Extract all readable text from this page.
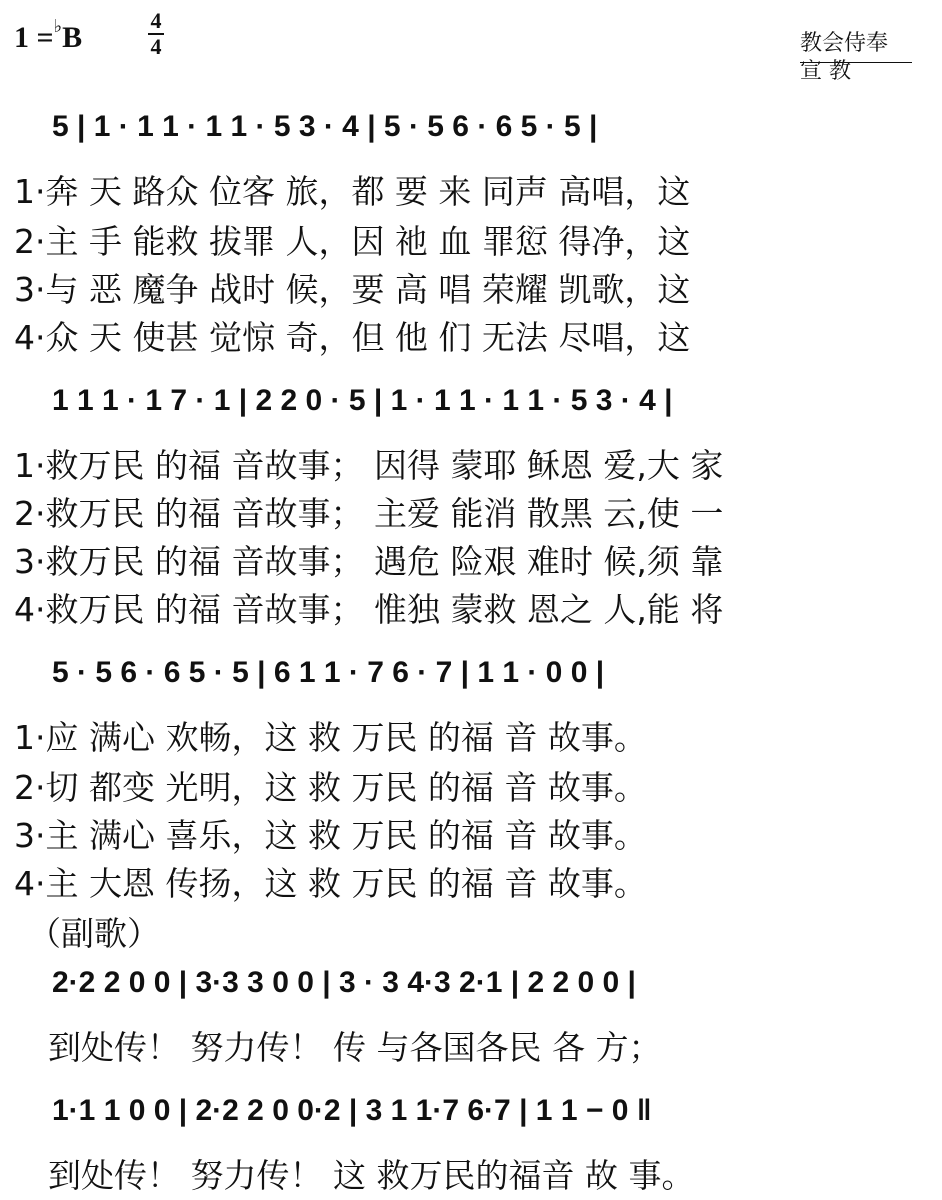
1 =♭B
4
4	教会侍奉
宣 教
5 | 1 · 1 1 · 1 1 · 5 3 · 4 | 5 · 5 6 · 6 5 · 5 |
1·奔 天 路众 位客 旅，都 要 来 同声 高唱，这
2·主 手 能救 拔罪 人，因 祂 血 罪愆 得净，这
3·与 恶 魔争 战时 候，要 高 唱 荣耀 凯歌，这
4·众 天 使甚 觉惊 奇，但 他 们 无法 尽唱，这
1 1 1 · 1 7 · 1 | 2 2 0 · 5 | 1 · 1 1 · 1 1 · 5 3 · 4 |
1·救万民 的福 音故事； 因得 蒙耶 稣恩 爱,大 家
2·救万民 的福 音故事； 主爱 能消 散黑 云,使 一
3·救万民 的福 音故事； 遇危 险艰 难时 候,须 靠
4·救万民 的福 音故事； 惟独 蒙救 恩之 人,能 将
5 · 5 6 · 6 5 · 5 | 6 1 1 · 7 6 · 7 | 1 1 · 0 0 |
1·应 满心 欢畅，这 救 万民 的福 音 故事。
2·切 都变 光明，这 救 万民 的福 音 故事。
3·主 满心 喜乐，这 救 万民 的福 音 故事。
4·主 大恩 传扬，这 救 万民 的福 音 故事。
（副歌）
2·2 2 0 0 | 3·3 3 0 0 | 3 · 3 4·3 2·1 | 2 2 0 0 |
到处传！ 努力传！ 传 与各国各民 各 方；
1·1 1 0 0 | 2·2 2 0 0·2 | 3 1 1·7 6·7 | 1 1 − 0 ‖
到处传！ 努力传！ 这 救万民的福音 故 事。
